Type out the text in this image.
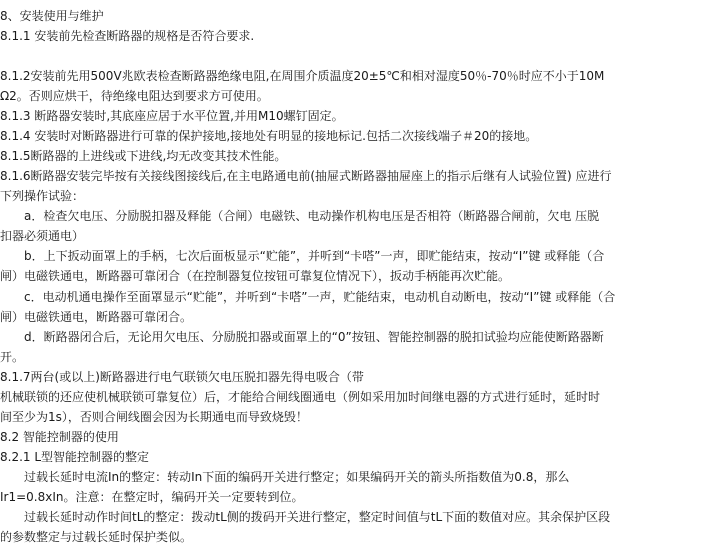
8、安装使用与维护
8.1.1 安装前先检查断路器的规格是否符合要求.
8.1.2安装前先用500V兆欧表检查断路器绝缘电阻,在周围介质温度20±5℃和相对湿度50％-70％时应不小于10M
Ω2。否则应烘干，待绝缘电阻达到要求方可使用。
8.1.3 断路器安装时,其底座应居于水平位置,并用M10螺钉固定。
8.1.4 安装时对断路器进行可靠的保护接地,接地处有明显的接地标记.包括二次接线端子＃20的接地。
8.1.5断路器的上进线或下进线,均无改变其技术性能。
8.1.6断路器安装完毕按有关接线图接线后,在主电路通电前(抽屉式断路器抽屉座上的指示后继有人试验位置) 应进行
下列操作试验：
　　a．检查欠电压、分励脱扣器及释能（合闸）电磁铁、电动操作机构电压是否相符（断路器合闸前，欠电 压脱
扣器必须通电）
　　b．上下扳动面罩上的手柄，七次后面板显示“贮能”，并听到“卡嗒”一声，即贮能结束，按动“I”键 或释能（合
闸）电磁铁通电，断路器可靠闭合（在控制器复位按钮可靠复位情况下），扳动手柄能再次贮能。
　　c．电动机通电操作至面罩显示“贮能”，并听到“卡嗒”一声，贮能结束，电动机自动断电，按动“I”键 或释能（合
闸）电磁铁通电，断路器可靠闭合。
　　d．断路器闭合后，无论用欠电压、分励脱扣器或面罩上的“0”按钮、智能控制器的脱扣试验均应能使断路器断
开。
8.1.7两台(或以上)断路器进行电气联锁欠电压脱扣器先得电吸合（带
机械联锁的还应使机械联锁可靠复位）后，才能给合闸线圈通电（例如采用加时间继电器的方式进行延时，延时时
间至少为1s），否则合闸线圈会因为长期通电而导致烧毁！
8.2 智能控制器的使用
8.2.1 L型智能控制器的整定
　　过载长延时电流In的整定：转动In下面的编码开关进行整定；如果编码开关的箭头所指数值为0.8，那么
Ir1=0.8xIn。注意：在整定时，编码开关一定要转到位。
　　过载长延时动作时间tL的整定：拨动tL侧的拨码开关进行整定，整定时间值与tL下面的数值对应。其余保护区段
的参数整定与过载长延时保护类似。
